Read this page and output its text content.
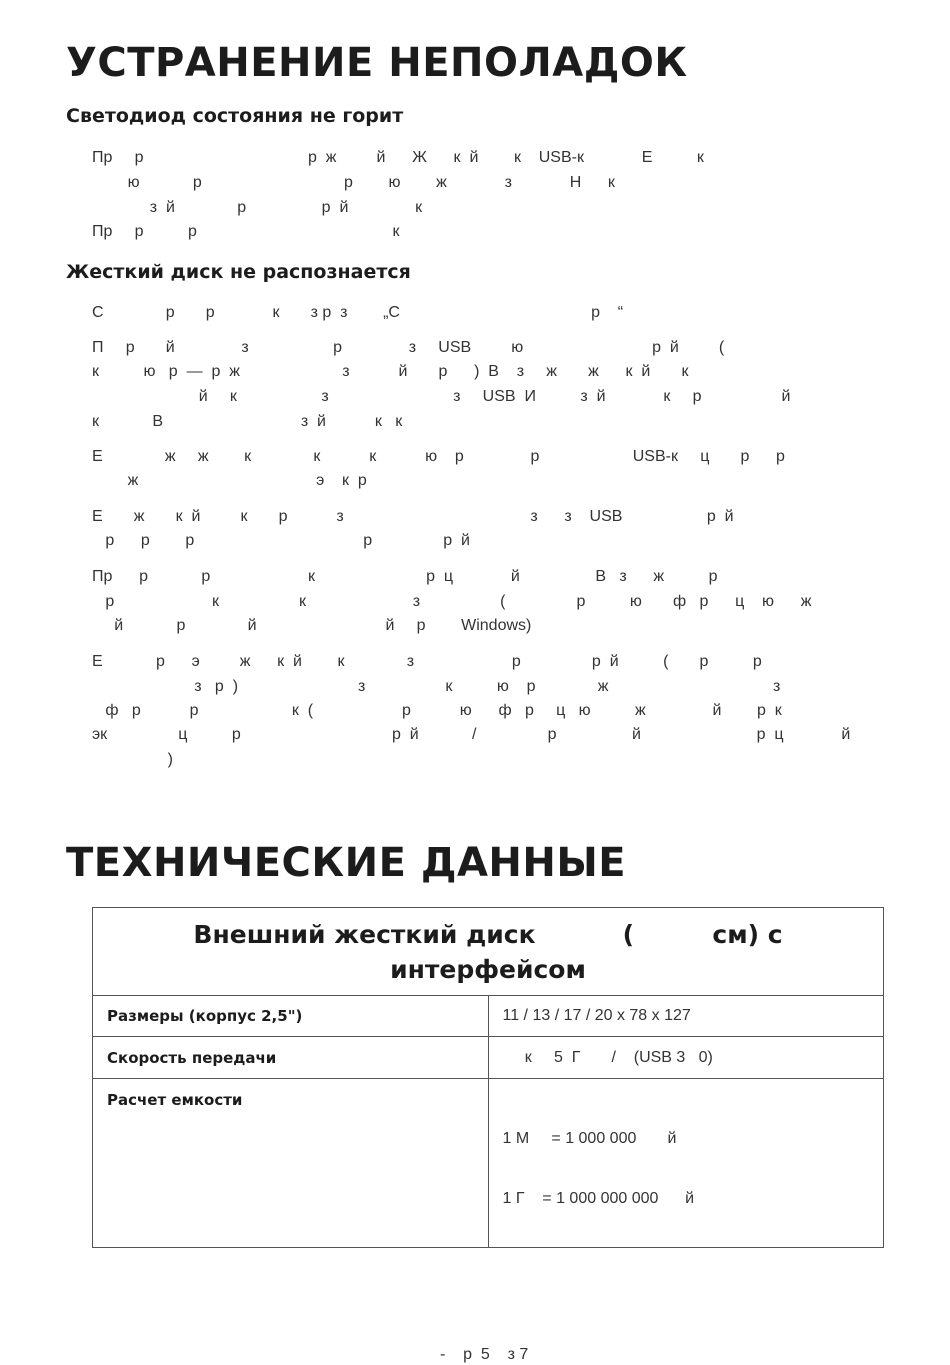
УСТРАНЕНИЕ НЕПОЛАДОК
Светодиод состояния не горит

Пр     р                                     р  ж         й      Ж      к  й        к    USB-к             Е          к

ю            р                                р        ю        ж             з             Н      к

з  й              р                 р  й               к

Пр     р          р                                            к

Жесткий диск не распознается

С              р       р             к       з р  з        „С                                           р    “

П     р       й               з                   р               з     USB         ю                             р  й         (

к          ю   р  —  р  ж                       з           й       р      )  В    з     ж       ж      к  й       к

й     к                   з                            з     USB  И          з  й             к     р                  й

к            В                               з  й           к   к

Е              ж     ж        к              к           к           ю    р               р                     USB-к     ц       р      р

ж                                        э    к  р

Е       ж       к  й         к       р           з                                          з      з    USB                   р  й

р      р        р                                      р                р  й

Пр      р            р                      к                         р  ц             й                 В   з      ж          р

р                      к                  к                        з                  (                р          ю       ф   р      ц    ю      ж

й            р              й                             й     р        Windows)

Е            р      э         ж      к  й        к              з                      р                р  й          (       р          р

з   р  )                           з                  к          ю    р              ж                                     з

ф   р           р                     к  (                    р           ю      ф   р     ц   ю          ж               й        р  к

эк                ц          р                                  р  й            /                р                 й                          р  ц             й

)

ТЕХНИЧЕСКИЕ ДАННЫЕ
Внешний жесткий диск          (         см) с
интерфейсом	

Размеры (корпус 2,5")	11 / 13 / 17 / 20 x 78 x 127
Скорость передачи	к     5  Г       /    (USB 3   0)
Расчет емкости	1 М     = 1 000 000       й

1 Г    = 1 000 000 000      й

-    р  5    з 7
